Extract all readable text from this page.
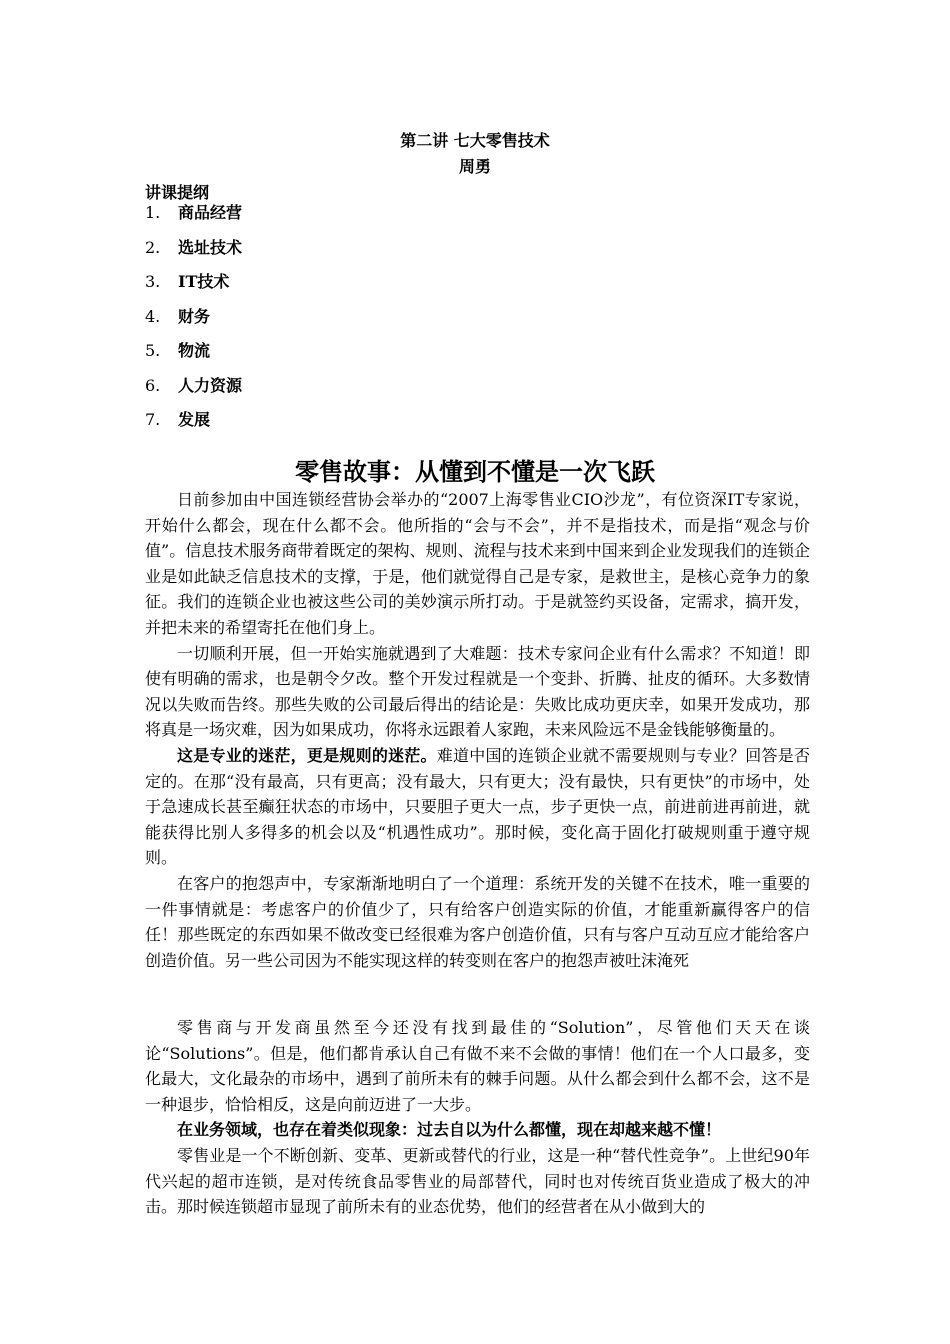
第二讲 七大零售技术
周勇
讲课提纲
1.	商品经营
2.	选址技术
3.	IT技术
4.	财务
5.	物流
6.	人力资源
7.	发展
零售故事：从懂到不懂是一次飞跃

日前参加由中国连锁经营协会举办的“2007上海零售业CIO沙龙”，有位资深IT专家说，开始什么都会，现在什么都不会。他所指的“会与不会”，并不是指技术，而是指“观念与价值”。信息技术服务商带着既定的架构、规则、流程与技术来到中国来到企业发现我们的连锁企业是如此缺乏信息技术的支撑，于是，他们就觉得自己是专家，是救世主，是核心竞争力的象征。我们的连锁企业也被这些公司的美妙演示所打动。于是就签约买设备，定需求，搞开发，并把未来的希望寄托在他们身上。

一切顺利开展，但一开始实施就遇到了大难题：技术专家问企业有什么需求？不知道！即使有明确的需求，也是朝令夕改。整个开发过程就是一个变卦、折腾、扯皮的循环。大多数情况以失败而告终。那些失败的公司最后得出的结论是：失败比成功更庆幸，如果开发成功，那将真是一场灾难，因为如果成功，你将永远跟着人家跑，未来风险远不是金钱能够衡量的。

这是专业的迷茫，更是规则的迷茫。难道中国的连锁企业就不需要规则与专业？回答是否定的。在那“没有最高，只有更高；没有最大，只有更大；没有最快，只有更快”的市场中，处于急速成长甚至癫狂状态的市场中，只要胆子更大一点，步子更快一点，前进前进再前进，就能获得比别人多得多的机会以及“机遇性成功”。那时候，变化高于固化打破规则重于遵守规则。

在客户的抱怨声中，专家渐渐地明白了一个道理：系统开发的关键不在技术，唯一重要的一件事情就是：考虑客户的价值少了，只有给客户创造实际的价值，才能重新赢得客户的信任！那些既定的东西如果不做改变已经很难为客户创造价值，只有与客户互动互应才能给客户创造价值。另一些公司因为不能实现这样的转变则在客户的抱怨声被吐沫淹死

零售商与开发商虽然至今还没有找到最佳的“Solution”，尽管他们天天在谈论“Solutions”。但是，他们都肯承认自己有做不来不会做的事情！他们在一个人口最多，变化最大，文化最杂的市场中，遇到了前所未有的棘手问题。从什么都会到什么都不会，这不是一种退步，恰恰相反，这是向前迈进了一大步。

在业务领域，也存在着类似现象：过去自以为什么都懂，现在却越来越不懂！

零售业是一个不断创新、变革、更新或替代的行业，这是一种“替代性竞争”。上世纪90年代兴起的超市连锁，是对传统食品零售业的局部替代，同时也对传统百货业造成了极大的冲击。那时候连锁超市显现了前所未有的业态优势，他们的经营者在从小做到大的
